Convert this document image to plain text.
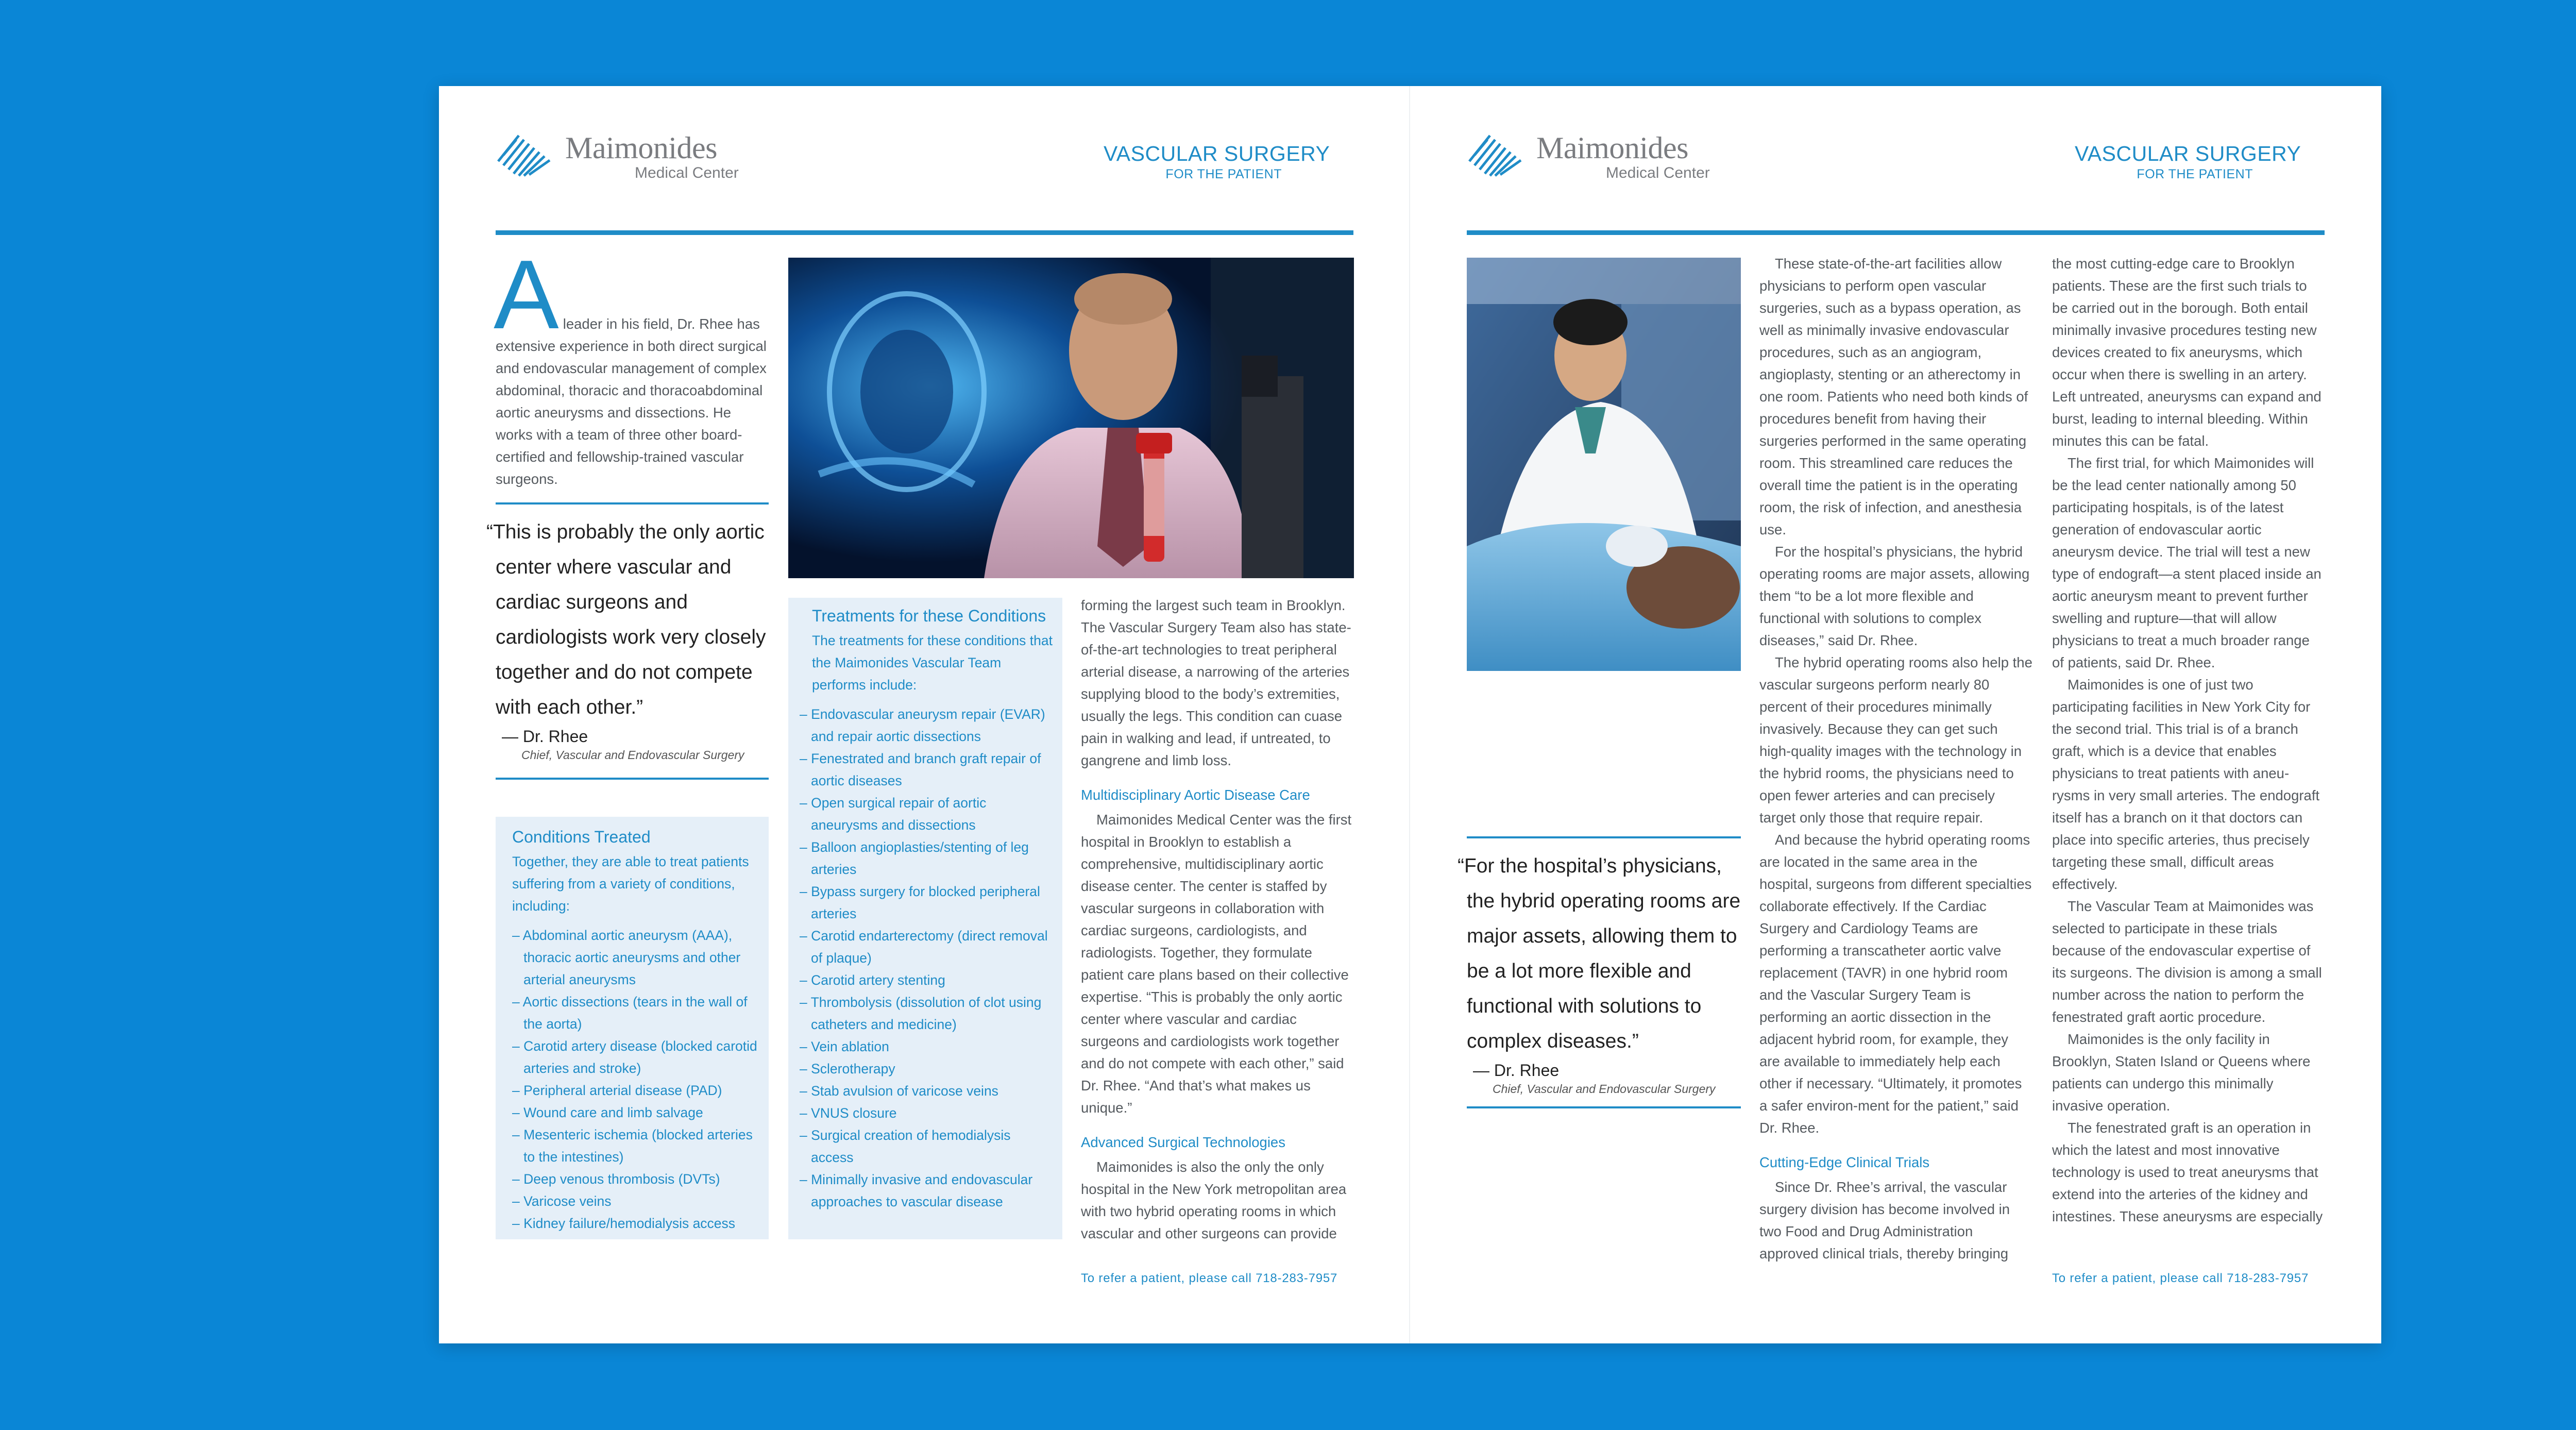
Maimonides
Medical Center
VASCULAR SURGERY
FOR THE PATIENT
A leader in his field, Dr. Rhee has extensive experience in both direct surgical and endovascular management of complex abdominal, thoracic and thoracoabdominal aortic aneurysms and dissections. He works with a team of three other board-certified and fellowship-trained vascular surgeons.

“This is probably the only aortic center where vascular and cardiac surgeons and cardiologists work very closely together and do not compete with each other.”
— Dr. Rhee
Chief, Vascular and Endovascular Surgery
Conditions Treated
Together, they are able to treat patients suffering from a variety of conditions, including:
– Abdominal aortic aneurysm (AAA), thoracic aortic aneurysms and other arterial aneurysms
– Aortic dissections (tears in the wall of the aorta)
– Carotid artery disease (blocked carotid arteries and stroke)
– Peripheral arterial disease (PAD)
– Wound care and limb salvage
– Mesenteric ischemia (blocked arteries to the intestines)
– Deep venous thrombosis (DVTs)
– Varicose veins
– Kidney failure/hemodialysis access
Treatments for these Conditions
The treatments for these conditions that the Maimonides Vascular Team performs include:
– Endovascular aneurysm repair (EVAR) and repair aortic dissections
– Fenestrated and branch graft repair of aortic diseases
– Open surgical repair of aortic aneurysms and dissections
– Balloon angioplasties/stenting of leg arteries
– Bypass surgery for blocked peripheral arteries
– Carotid endarterectomy (direct removal of plaque)
– Carotid artery stenting
– Thrombolysis (dissolution of clot using catheters and medicine)
– Vein ablation
– Sclerotherapy
– Stab avulsion of varicose veins
– VNUS closure
– Surgical creation of hemodialysis access
– Minimally invasive and endovascular approaches to vascular disease

forming the largest such team in Brooklyn. The Vascular Surgery Team also has state-of-the-art technologies to treat peripheral arterial disease, a narrowing of the arteries supplying blood to the body’s extremities, usually the legs. This condition can cuase pain in walking and lead, if untreated, to gangrene and limb loss.

Multidisciplinary Aortic Disease Care

Maimonides Medical Center was the first hospital in Brooklyn to establish a comprehensive, multidisciplinary aortic disease center. The center is staffed by vascular surgeons in collaboration with cardiac surgeons, cardiologists, and radiologists. Together, they formulate patient care plans based on their collective expertise. “This is probably the only aortic center where vascular and cardiac surgeons and cardiologists work together and do not compete with each other,” said Dr. Rhee. “And that’s what makes us unique.”

Advanced Surgical Technologies

Maimonides is also the only the only hospital in the New York metropolitan area with two hybrid operating rooms in which vascular and other surgeons can provide

To refer a patient, please call 718-283-7957
Maimonides
Medical Center
VASCULAR SURGERY
FOR THE PATIENT
“For the hospital’s physicians, the hybrid operating rooms are major assets, allowing them to be a lot more flexible and functional with solutions to complex diseases.”
— Dr. Rhee
Chief, Vascular and Endovascular Surgery

These state-of-the-art facilities allow physicians to perform open vascular surgeries, such as a bypass operation, as well as minimally invasive endovascular procedures, such as an angiogram, angioplasty, stenting or an atherectomy in one room. Patients who need both kinds of procedures benefit from having their surgeries performed in the same operating room. This streamlined care reduces the overall time the patient is in the operating room, the risk of infection, and anesthesia use.

For the hospital’s physicians, the hybrid operating rooms are major assets, allowing them “to be a lot more flexible and functional with solutions to complex diseases,” said Dr. Rhee.

The hybrid operating rooms also help the vascular surgeons perform nearly 80 percent of their procedures minimally invasively. Because they can get such high-quality images with the technology in the hybrid rooms, the physicians need to open fewer arteries and can precisely target only those that require repair.

And because the hybrid operating rooms are located in the same area in the hospital, surgeons from different specialties collaborate effectively. If the Cardiac Surgery and Cardiology Teams are performing a transcatheter aortic valve replacement (TAVR) in one hybrid room and the Vascular Surgery Team is performing an aortic dissection in the adjacent hybrid room, for example, they are available to immediately help each other if necessary. “Ultimately, it promotes a safer environ-ment for the patient,” said Dr. Rhee.

Cutting-Edge Clinical Trials

Since Dr. Rhee’s arrival, the vascular surgery division has become involved in two Food and Drug Administration approved clinical trials, thereby bringing

the most cutting-edge care to Brooklyn patients. These are the first such trials to be carried out in the borough. Both entail minimally invasive procedures testing new devices created to fix aneurysms, which occur when there is swelling in an artery. Left untreated, aneurysms can expand and burst, leading to internal bleeding. Within minutes this can be fatal.

The first trial, for which Maimonides will be the lead center nationally among 50 participating hospitals, is of the latest generation of endovascular aortic aneurysm device. The trial will test a new type of endograft—a stent placed inside an aortic aneurysm meant to prevent further swelling and rupture—that will allow physicians to treat a much broader range of patients, said Dr. Rhee.

Maimonides is one of just two participating facilities in New York City for the second trial. This trial is of a branch graft, which is a device that enables physicians to treat patients with aneu-rysms in very small arteries. The endograft itself has a branch on it that doctors can place into specific arteries, thus precisely targeting these small, difficult areas effectively.

The Vascular Team at Maimonides was selected to participate in these trials because of the endovascular expertise of its surgeons. The division is among a small number across the nation to perform the fenestrated graft aortic procedure.

Maimonides is the only facility in Brooklyn, Staten Island or Queens where patients can undergo this minimally invasive operation.

The fenestrated graft is an operation in which the latest and most innovative technology is used to treat aneurysms that extend into the arteries of the kidney and intestines. These aneurysms are especially

To refer a patient, please call 718-283-7957
